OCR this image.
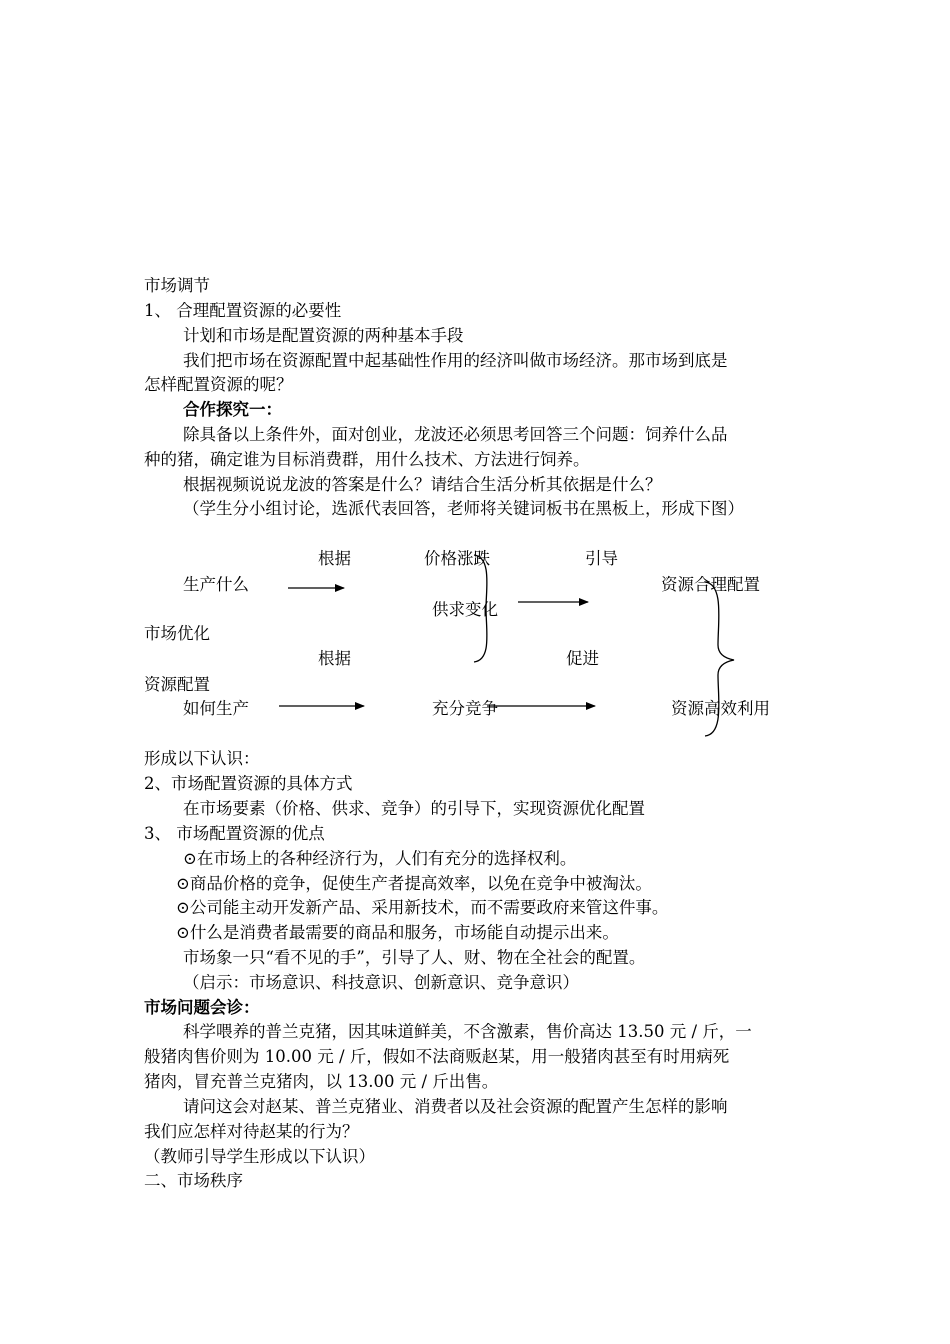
市场调节
1、 合理配置资源的必要性
计划和市场是配置资源的两种基本手段
我们把市场在资源配置中起基础性作用的经济叫做市场经济。那市场到底是
怎样配置资源的呢？
合作探究一：
除具备以上条件外，面对创业，龙波还必须思考回答三个问题：饲养什么品
种的猪，确定谁为目标消费群，用什么技术、方法进行饲养。
根据视频说说龙波的答案是什么？请结合生活分析其依据是什么？
（学生分小组讨论，选派代表回答，老师将关键词板书在黑板上，形成下图）
根据	价格涨跌	引导
生产什么	资源合理配置
供求变化
市场优化
根据	促进
资源配置
如何生产	充分竞争	资源高效利用
形成以下认识：
2、市场配置资源的具体方式
在市场要素（价格、供求、竞争）的引导下，实现资源优化配置
3、 市场配置资源的优点
⊙在市场上的各种经济行为，人们有充分的选择权利。
⊙商品价格的竞争，促使生产者提高效率，以免在竞争中被淘汰。
⊙公司能主动开发新产品、采用新技术，而不需要政府来管这件事。
⊙什么是消费者最需要的商品和服务，市场能自动提示出来。
市场象一只“看不见的手”，引导了人、财、物在全社会的配置。
（启示：市场意识、科技意识、创新意识、竞争意识）
市场问题会诊：
科学喂养的普兰克猪，因其味道鲜美，不含激素，售价高达 13.50 元 / 斤，一
般猪肉售价则为 10.00 元 / 斤，假如不法商贩赵某，用一般猪肉甚至有时用病死
猪肉，冒充普兰克猪肉，以 13.00 元 / 斤出售。
请问这会对赵某、普兰克猪业、消费者以及社会资源的配置产生怎样的影响
我们应怎样对待赵某的行为？
（教师引导学生形成以下认识）
二、市场秩序
